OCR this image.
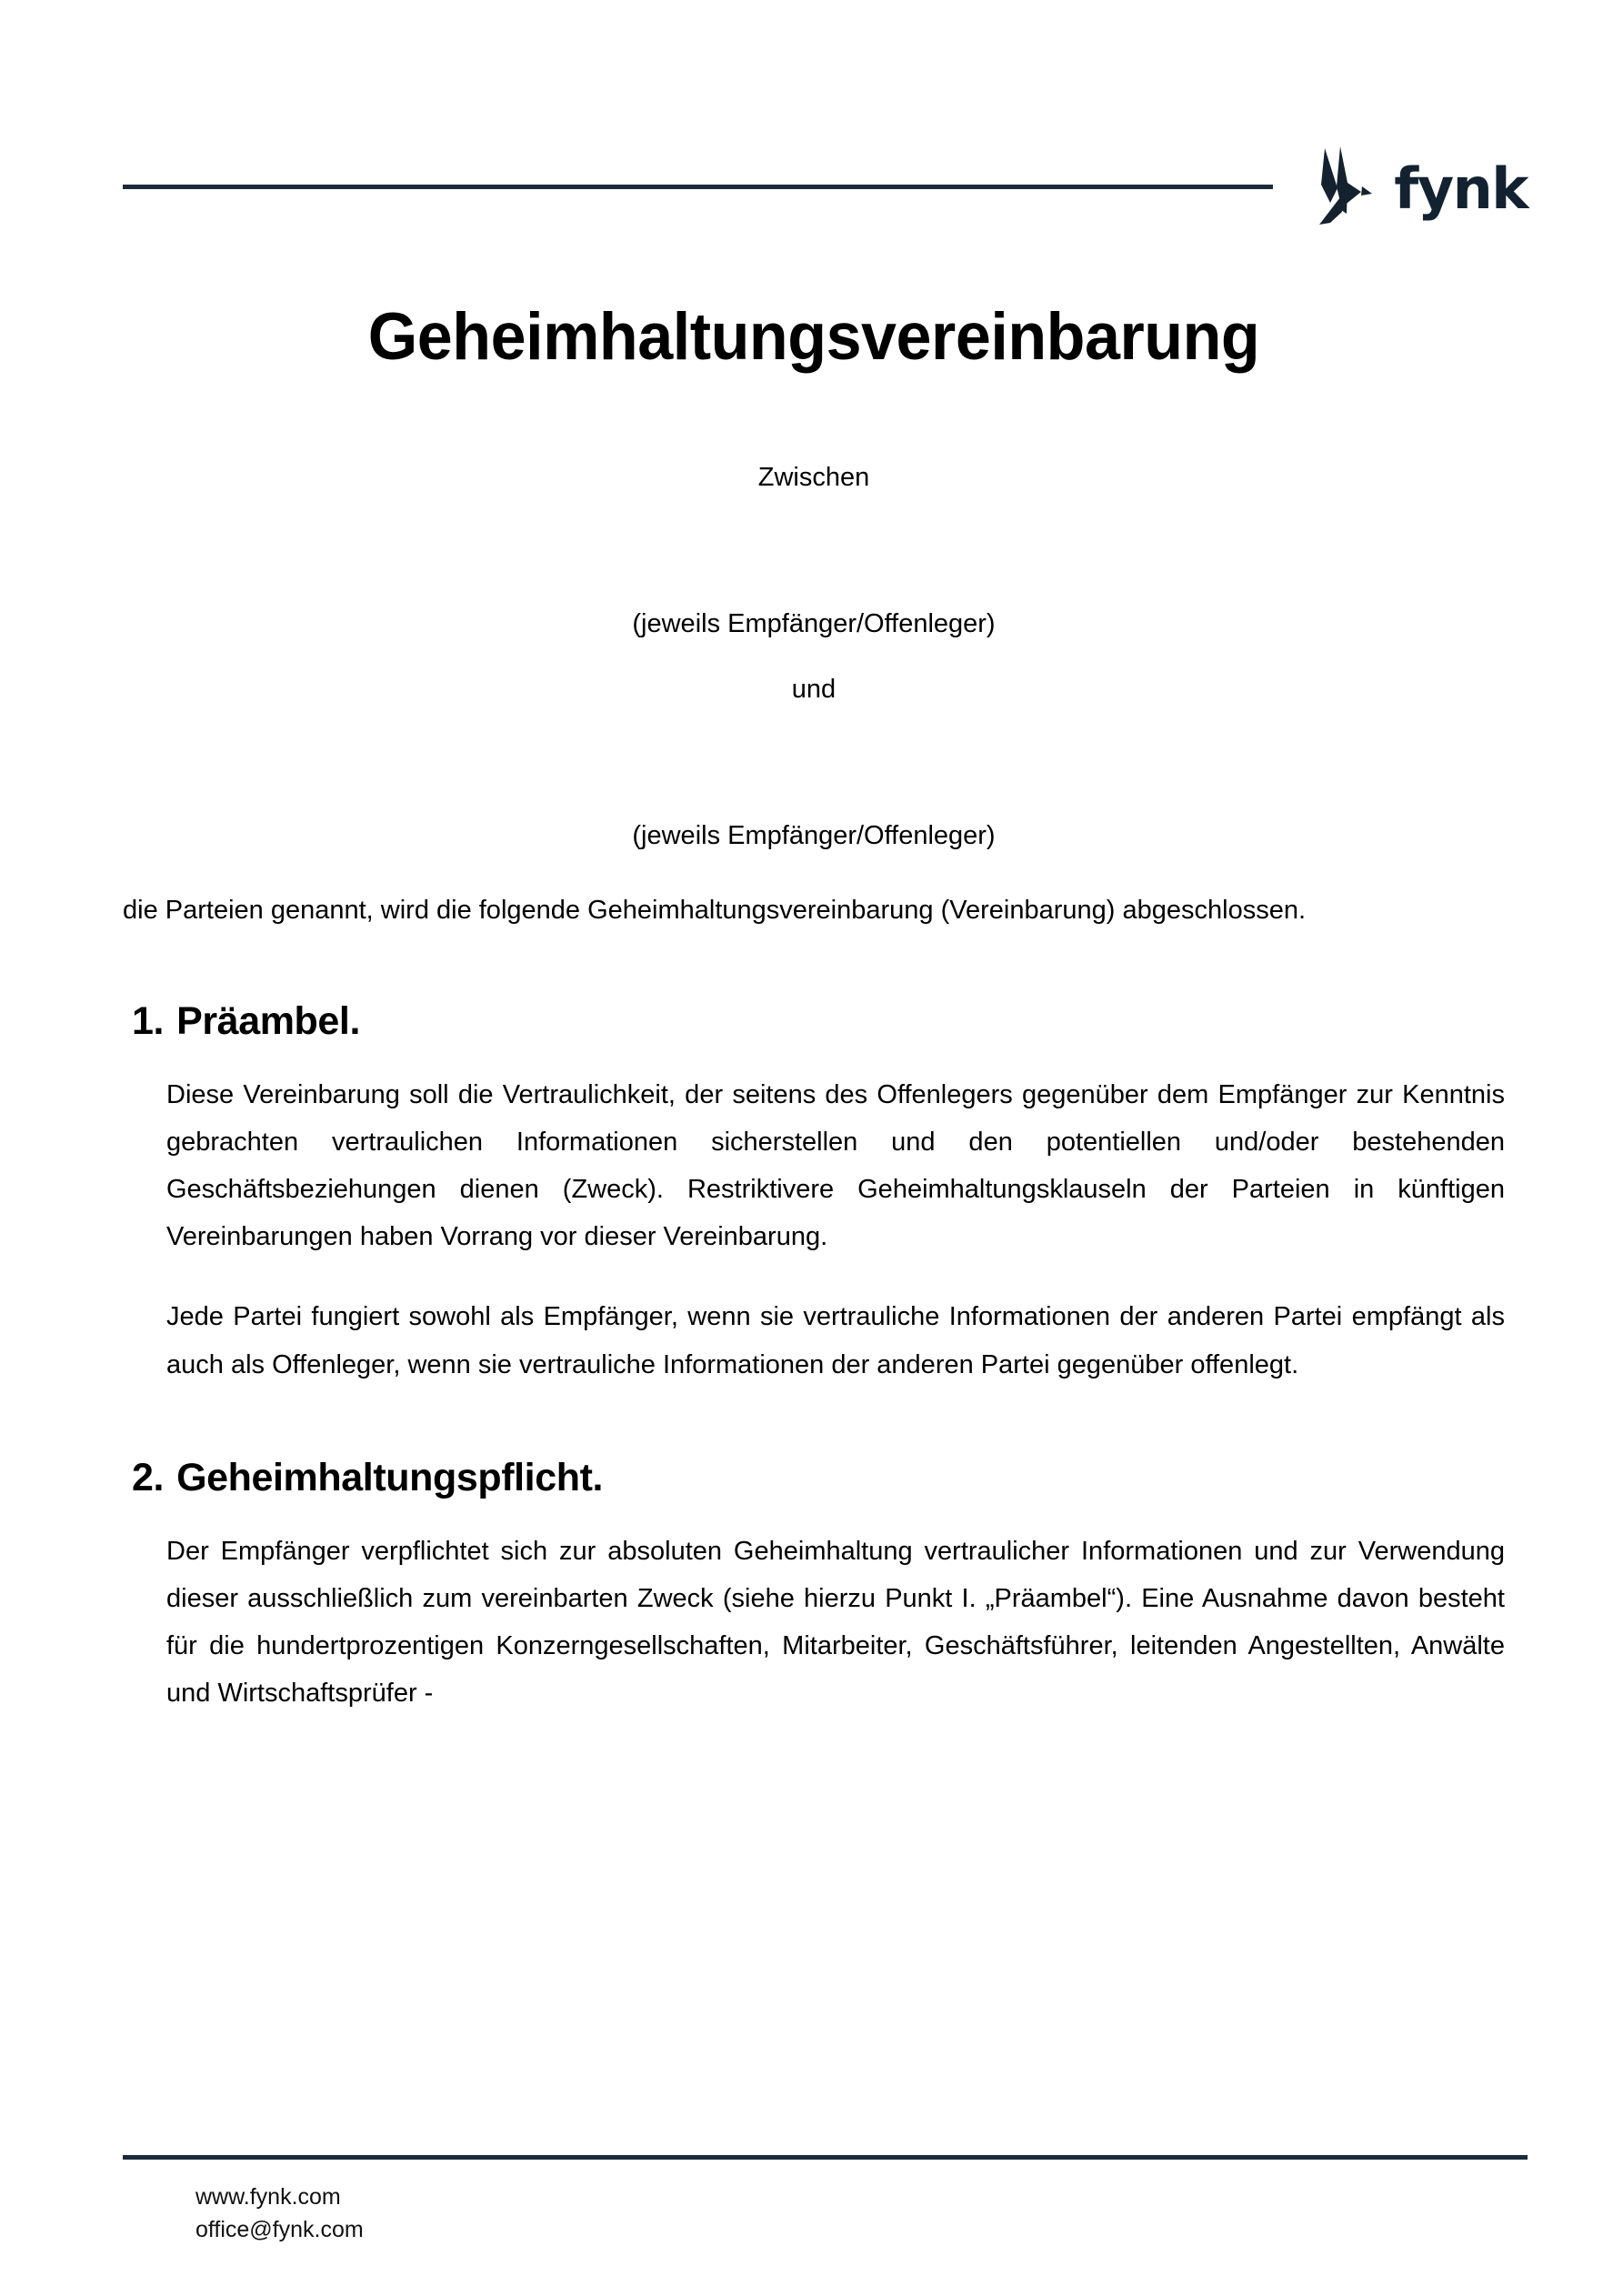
fynk
Geheimhaltungsvereinbarung

Zwischen

(jeweils Empfänger/Offenleger)

und

(jeweils Empfänger/Offenleger)

die Parteien genannt, wird die folgende Geheimhaltungsvereinbarung (Vereinbarung) abgeschlossen.

1. Präambel.

Diese Vereinbarung soll die Vertraulichkeit, der seitens des Offenlegers gegenüber dem Empfänger zur Kenntnis gebrachten vertraulichen Informationen sicherstellen und den potentiellen und/oder bestehenden Geschäftsbeziehungen dienen (Zweck). Restriktivere Geheimhaltungsklauseln der Parteien in künftigen Vereinbarungen haben Vorrang vor dieser Vereinbarung.

Jede Partei fungiert sowohl als Empfänger, wenn sie vertrauliche Informationen der anderen Partei empfängt als auch als Offenleger, wenn sie vertrauliche Informationen der anderen Partei gegenüber offenlegt.

2. Geheimhaltungspflicht.

Der Empfänger verpflichtet sich zur absoluten Geheimhaltung vertraulicher Informationen und zur Verwendung dieser ausschließlich zum vereinbarten Zweck (siehe hierzu Punkt I. „Präambel“). Eine Ausnahme davon besteht für die hundertprozentigen Konzerngesellschaften, Mitarbeiter, Geschäftsführer, leitenden Angestellten, Anwälte und Wirtschaftsprüfer -

www.fynk.com
office@fynk.com
